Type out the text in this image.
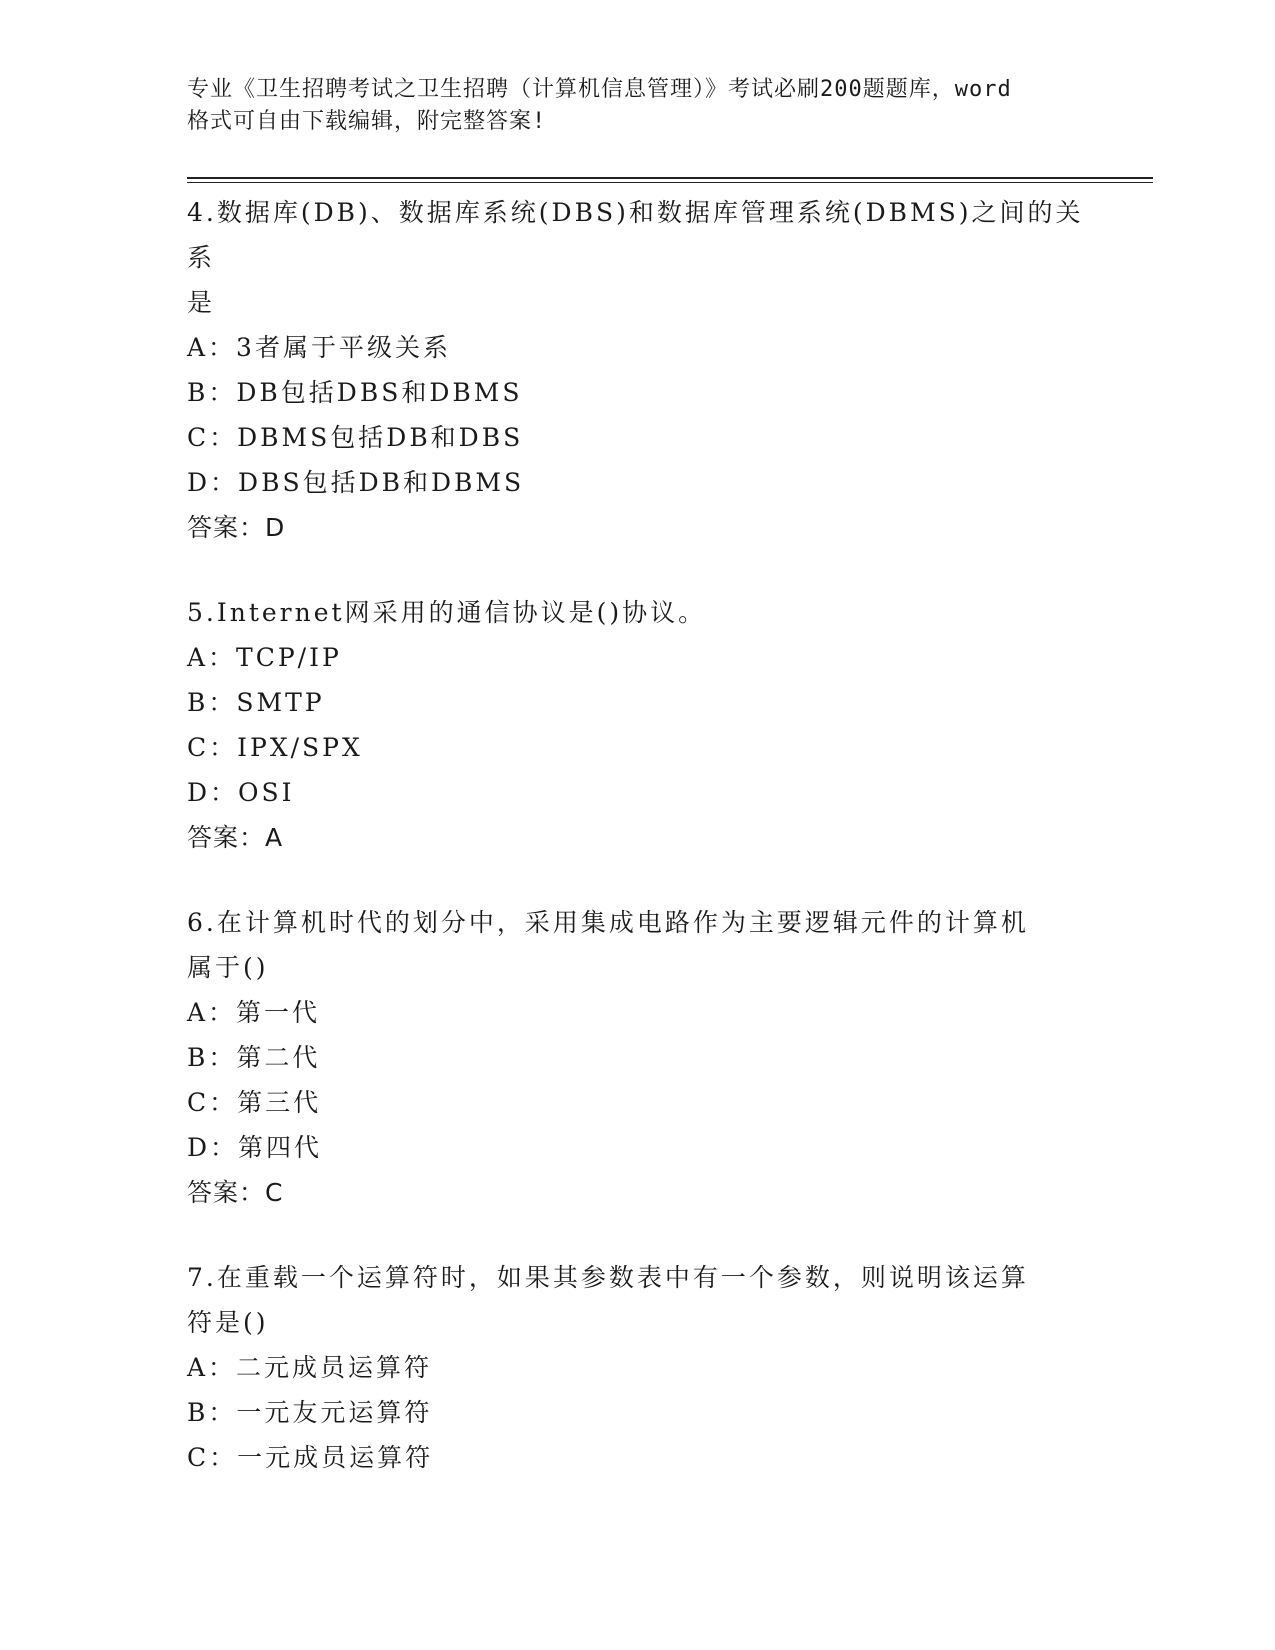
专业《卫生招聘考试之卫生招聘（计算机信息管理）》考试必刷200题题库，word
格式可自由下载编辑，附完整答案!
4.数据库(DB)、数据库系统(DBS)和数据库管理系统(DBMS)之间的关系
是
A：3者属于平级关系
B：DB包括DBS和DBMS
C：DBMS包括DB和DBS
D：DBS包括DB和DBMS
答案：D
5.Internet网采用的通信协议是()协议。
A：TCP/IP
B：SMTP
C：IPX/SPX
D：OSI
答案：A
6.在计算机时代的划分中，采用集成电路作为主要逻辑元件的计算机
属于()
A：第一代
B：第二代
C：第三代
D：第四代
答案：C
7.在重载一个运算符时，如果其参数表中有一个参数，则说明该运算
符是()
A：二元成员运算符
B：一元友元运算符
C：一元成员运算符
